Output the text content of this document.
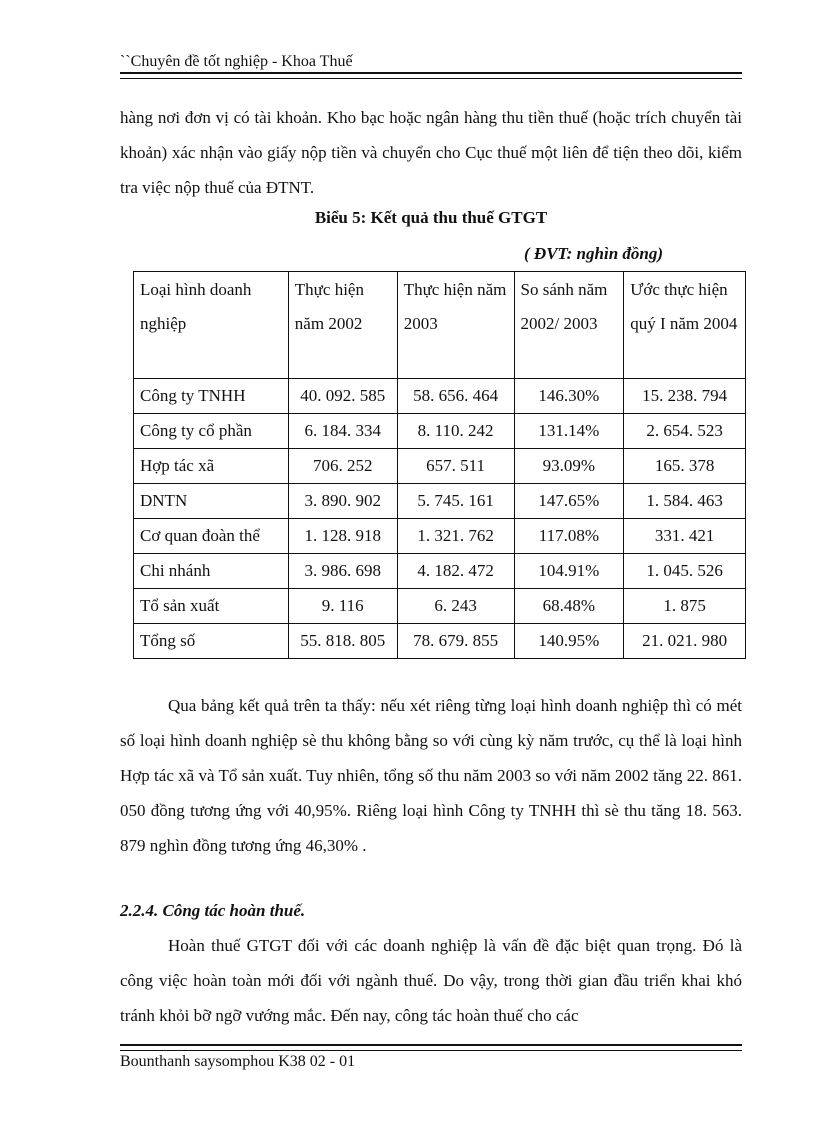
``Chuyên đề tốt nghiệp - Khoa Thuế
hàng nơi đơn vị có tài khoản. Kho bạc hoặc ngân hàng thu tiền thuế (hoặc trích chuyển tài khoản) xác nhận vào giấy nộp tiền và chuyển cho Cục thuế một liên để tiện theo dõi, kiểm tra việc nộp thuế của ĐTNT.
Biểu 5: Kết quả thu thuế GTGT
( ĐVT: nghìn đồng)
Loại hình doanh nghiệp	Thực hiện năm 2002	Thực hiện năm 2003	So sánh năm 2002/ 2003	Ước thực hiện quý I năm 2004
Công ty TNHH	40. 092. 585	58. 656. 464	146.30%	15. 238. 794
Công ty cổ phần	6. 184. 334	8. 110. 242	131.14%	2. 654. 523
Hợp tác xã	706. 252	657. 511	93.09%	165. 378
DNTN	3. 890. 902	5. 745. 161	147.65%	1. 584. 463
Cơ quan đoàn thể	1. 128. 918	1. 321. 762	117.08%	331. 421
Chi nhánh	3. 986. 698	4. 182. 472	104.91%	1. 045. 526
Tổ sản xuất	9. 116	6. 243	68.48%	1. 875
Tổng số	55. 818. 805	78. 679. 855	140.95%	21. 021. 980
Qua bảng kết quả trên ta thấy: nếu xét riêng từng loại hình doanh nghiệp thì có mét số loại hình doanh nghiệp sè thu không bằng so với cùng kỳ năm trước, cụ thể là loại hình Hợp tác xã và Tổ sản xuất. Tuy nhiên, tổng số thu năm 2003 so với năm 2002 tăng 22. 861. 050 đồng tương ứng với 40,95%. Riêng loại hình Công ty TNHH thì sè thu tăng 18. 563. 879 nghìn đồng tương ứng 46,30% .
2.2.4. Công tác hoàn thuế.
Hoàn thuế GTGT đối với các doanh nghiệp là vấn đề đặc biệt quan trọng. Đó là công việc hoàn toàn mới đối với ngành thuế. Do vậy, trong thời gian đầu triển khai khó tránh khỏi bỡ ngỡ vướng mắc. Đến nay, công tác hoàn thuế cho các
Bounthanh saysomphou K38 02 - 01
